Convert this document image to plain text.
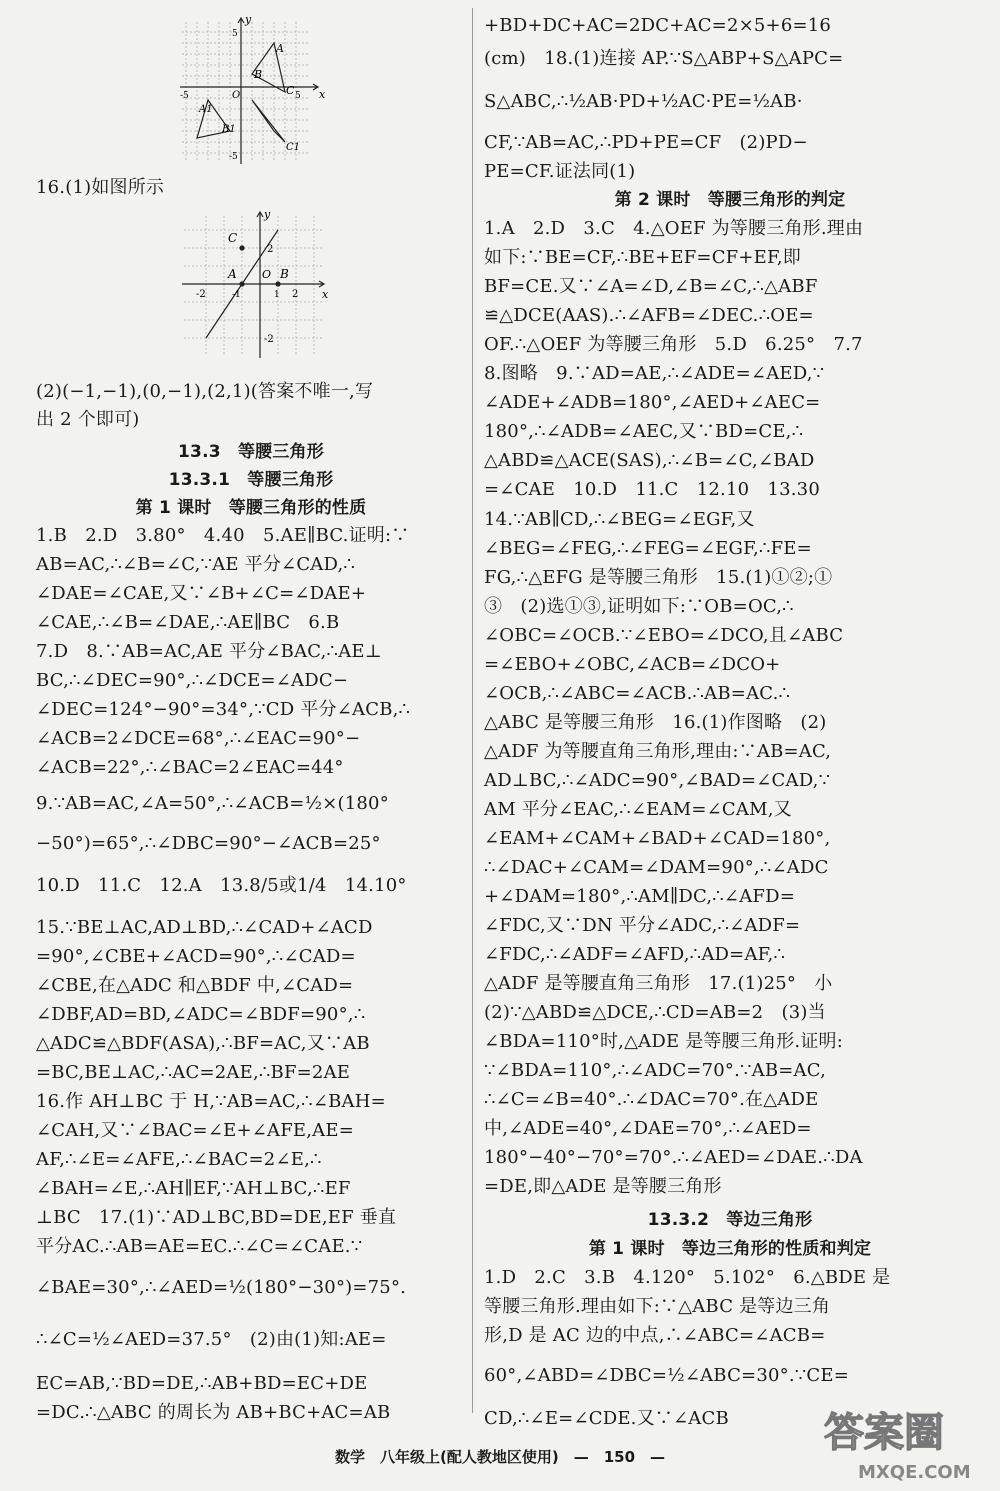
y
x
5
-5
O
A
B
C
A1
B1
C1
-5	5
16.(1)如图所示
y
x
C
A O B
2
-2
-2	2
1
-1
(2)(−1,−1),(0,−1),(2,1)(答案不唯一,写
出 2 个即可)
13.3　等腰三角形
13.3.1　等腰三角形
第 1 课时　等腰三角形的性质
1.B　2.D　3.80°　4.40　5.AE∥BC.证明:∵
AB=AC,∴∠B=∠C,∵AE 平分∠CAD,∴
∠DAE=∠CAE,又∵∠B+∠C=∠DAE+
∠CAE,∴∠B=∠DAE,∴AE∥BC　6.B
7.D　8.∵AB=AC,AE 平分∠BAC,∴AE⊥
BC,∴∠DEC=90°,∴∠DCE=∠ADC−
∠DEC=124°−90°=34°,∵CD 平分∠ACB,∴
∠ACB=2∠DCE=68°,∴∠EAC=90°−
∠ACB=22°,∴∠BAC=2∠EAC=44°
9.∵AB=AC,∠A=50°,∴∠ACB=½×(180°
−50°)=65°,∴∠DBC=90°−∠ACB=25°
10.D　11.C　12.A　13.8/5或1/4　14.10°
15.∵BE⊥AC,AD⊥BD,∴∠CAD+∠ACD
=90°,∠CBE+∠ACD=90°,∴∠CAD=
∠CBE,在△ADC 和△BDF 中,∠CAD=
∠DBF,AD=BD,∠ADC=∠BDF=90°,∴
△ADC≌△BDF(ASA),∴BF=AC,又∵AB
=BC,BE⊥AC,∴AC=2AE,∴BF=2AE
16.作 AH⊥BC 于 H,∵AB=AC,∴∠BAH=
∠CAH,又∵∠BAC=∠E+∠AFE,AE=
AF,∴∠E=∠AFE,∴∠BAC=2∠E,∴
∠BAH=∠E,∴AH∥EF,∵AH⊥BC,∴EF
⊥BC　17.(1)∵AD⊥BC,BD=DE,EF 垂直
平分AC.∴AB=AE=EC.∴∠C=∠CAE.∵
∠BAE=30°,∴∠AED=½(180°−30°)=75°.
∴∠C=½∠AED=37.5°　(2)由(1)知:AE=
EC=AB,∵BD=DE,∴AB+BD=EC+DE
=DC.∴△ABC 的周长为 AB+BC+AC=AB
+BD+DC+AC=2DC+AC=2×5+6=16
(cm)　18.(1)连接 AP.∵S△ABP+S△APC=
S△ABC,∴½AB·PD+½AC·PE=½AB·
CF,∵AB=AC,∴PD+PE=CF　(2)PD−
PE=CF.证法同(1)
第 2 课时　等腰三角形的判定
1.A　2.D　3.C　4.△OEF 为等腰三角形.理由
如下:∵BE=CF,∴BE+EF=CF+EF,即
BF=CE.又∵∠A=∠D,∠B=∠C,∴△ABF
≌△DCE(AAS).∴∠AFB=∠DEC.∴OE=
OF.∴△OEF 为等腰三角形　5.D　6.25°　7.7
8.图略　9.∵AD=AE,∴∠ADE=∠AED,∵
∠ADE+∠ADB=180°,∠AED+∠AEC=
180°,∴∠ADB=∠AEC,又∵BD=CE,∴
△ABD≌△ACE(SAS),∴∠B=∠C,∠BAD
=∠CAE　10.D　11.C　12.10　13.30
14.∵AB∥CD,∴∠BEG=∠EGF,又
∠BEG=∠FEG,∴∠FEG=∠EGF,∴FE=
FG,∴△EFG 是等腰三角形　15.(1)①②;①
③　(2)选①③,证明如下:∵OB=OC,∴
∠OBC=∠OCB.∵∠EBO=∠DCO,且∠ABC
=∠EBO+∠OBC,∠ACB=∠DCO+
∠OCB,∴∠ABC=∠ACB.∴AB=AC.∴
△ABC 是等腰三角形　16.(1)作图略　(2)
△ADF 为等腰直角三角形,理由:∵AB=AC,
AD⊥BC,∴∠ADC=90°,∠BAD=∠CAD,∵
AM 平分∠EAC,∴∠EAM=∠CAM,又
∠EAM+∠CAM+∠BAD+∠CAD=180°,
∴∠DAC+∠CAM=∠DAM=90°,∴∠ADC
+∠DAM=180°,∴AM∥DC,∴∠AFD=
∠FDC,又∵DN 平分∠ADC,∴∠ADF=
∠FDC,∴∠ADF=∠AFD,∴AD=AF,∴
△ADF 是等腰直角三角形　17.(1)25°　小
(2)∵△ABD≌△DCE,∴CD=AB=2　(3)当
∠BDA=110°时,△ADE 是等腰三角形.证明:
∵∠BDA=110°,∴∠ADC=70°.∵AB=AC,
∴∠C=∠B=40°.∴∠DAC=70°.在△ADE
中,∠ADE=40°,∠DAE=70°,∴∠AED=
180°−40°−70°=70°.∴∠AED=∠DAE.∴DA
=DE,即△ADE 是等腰三角形
13.3.2　等边三角形
第 1 课时　等边三角形的性质和判定
1.D　2.C　3.B　4.120°　5.102°　6.△BDE 是
等腰三角形.理由如下:∵△ABC 是等边三角
形,D 是 AC 边的中点,∴∠ABC=∠ACB=
60°,∠ABD=∠DBC=½∠ABC=30°.∵CE=
CD,∴∠E=∠CDE.又∵∠ACB
数学　八年级上(配人教地区使用)　—　150　—
答案圈
MXQE.COM
